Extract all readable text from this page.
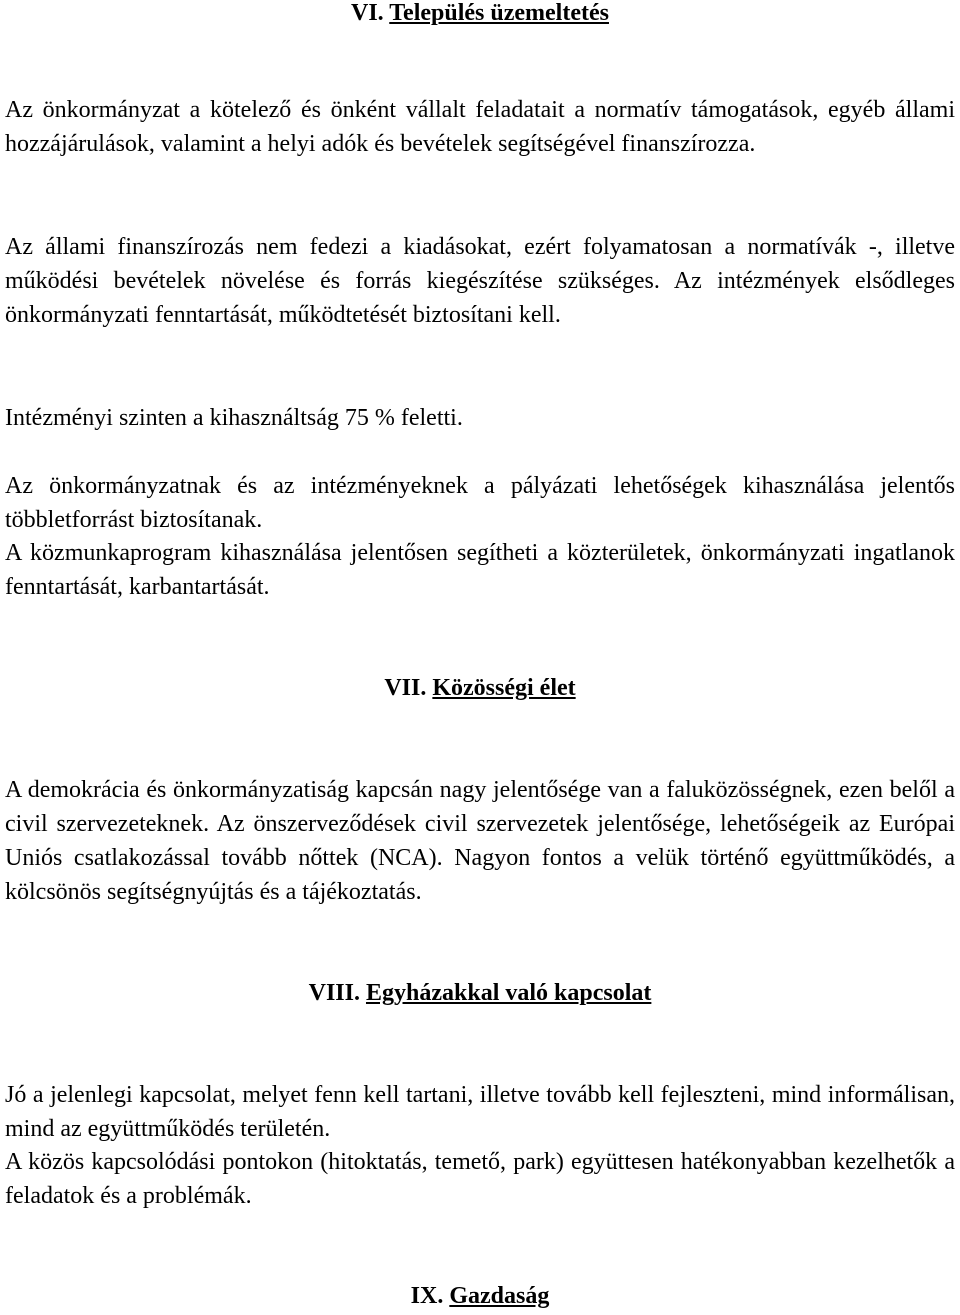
VI. Település üzemeltetés

Az önkormányzat a kötelező és önként vállalt feladatait a normatív támogatások, egyéb állami hozzájárulások, valamint a helyi adók és bevételek segítségével finanszírozza.

Az állami finanszírozás nem fedezi a kiadásokat, ezért folyamatosan a normatívák -, illetve működési bevételek növelése és forrás kiegészítése szükséges. Az intézmények elsődleges önkormányzati fenntartását, működtetését biztosítani kell.

Intézményi szinten a kihasználtság 75 % feletti.

Az önkormányzatnak és az intézményeknek a pályázati lehetőségek kihasználása jelentős többletforrást biztosítanak.

A közmunkaprogram kihasználása jelentősen segítheti a közterületek, önkormányzati ingatlanok fenntartását, karbantartását.

VII. Közösségi élet

A demokrácia és önkormányzatiság kapcsán nagy jelentősége van a faluközösségnek, ezen belől a civil szervezeteknek. Az önszerveződések civil szervezetek jelentősége, lehetőségeik az Európai Uniós csatlakozással tovább nőttek (NCA). Nagyon fontos a velük történő együttműködés, a kölcsönös segítségnyújtás és a tájékoztatás.

VIII. Egyházakkal való kapcsolat

Jó a jelenlegi kapcsolat, melyet fenn kell tartani, illetve tovább kell fejleszteni, mind informálisan, mind az együttműködés területén.

A közös kapcsolódási pontokon (hitoktatás, temető, park) együttesen hatékonyabban kezelhetők a feladatok és a problémák.

IX. Gazdaság
